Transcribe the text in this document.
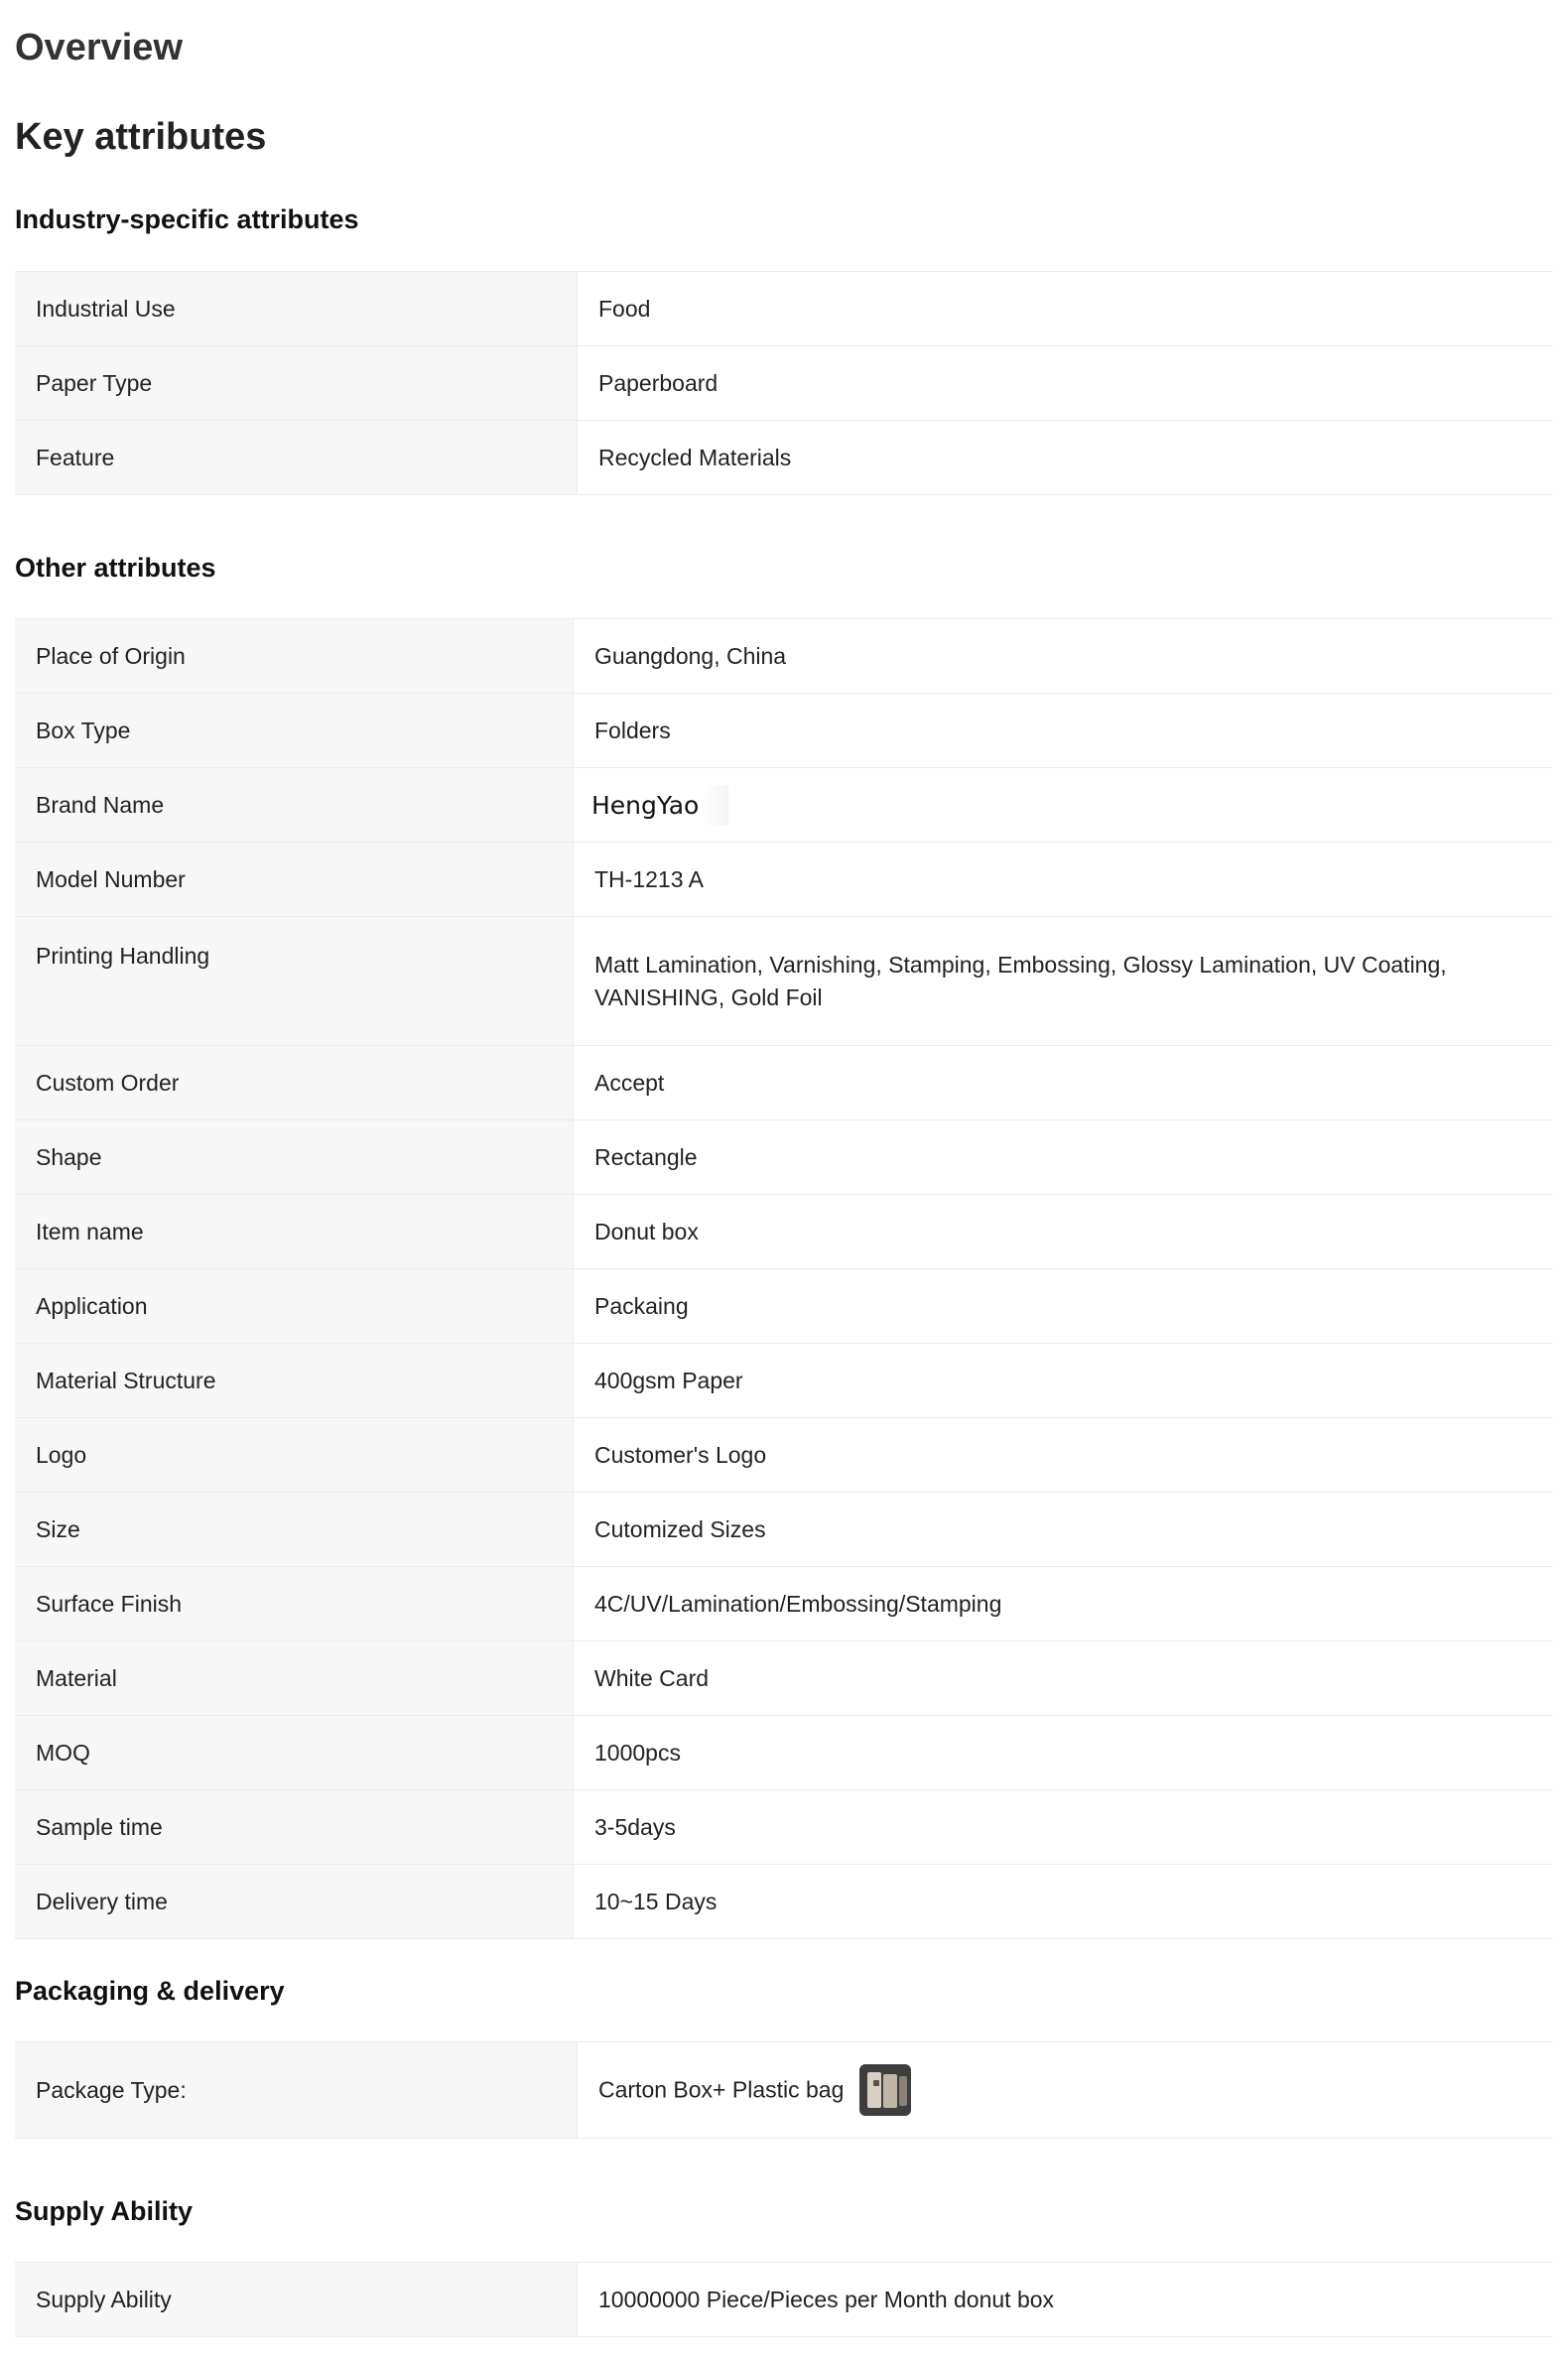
Overview
Key attributes
Industry-specific attributes
Industrial Use	Food
Paper Type	Paperboard
Feature	Recycled Materials
Other attributes
Place of Origin	Guangdong, China
Box Type	Folders
Brand Name	HengYao
Model Number	TH-1213 A
Printing Handling	Matt Lamination, Varnishing, Stamping, Embossing, Glossy Lamination, UV Coating, VANISHING, Gold Foil
Custom Order	Accept
Shape	Rectangle
Item name	Donut box
Application	Packaing
Material Structure	400gsm Paper
Logo	Customer's Logo
Size	Cutomized Sizes
Surface Finish	4C/UV/Lamination/Embossing/Stamping
Material	White Card
MOQ	1000pcs
Sample time	3-5days
Delivery time	10~15 Days
Packaging & delivery
Package Type:	Carton Box+ Plastic bag
Supply Ability
Supply Ability	10000000 Piece/Pieces per Month donut box
